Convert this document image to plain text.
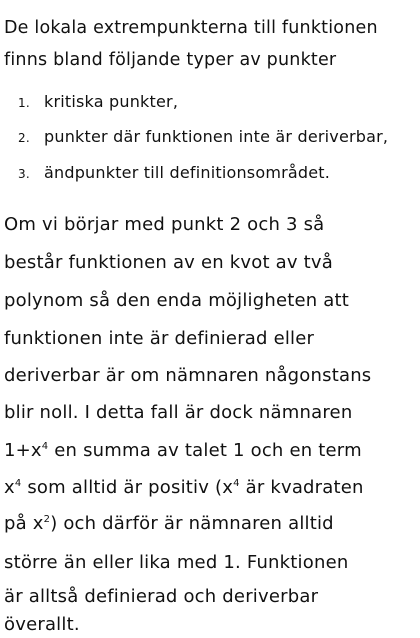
De lokala extrempunkterna till funktionen
finns bland följande typer av punkter
1. kritiska punkter,
2. punkter där funktionen inte är deriverbar,
3. ändpunkter till definitionsområdet.
Om vi börjar med punkt 2 och 3 så
består funktionen av en kvot av två
polynom så den enda möjligheten att
funktionen inte är definierad eller
deriverbar är om nämnaren någonstans
blir noll. I detta fall är dock nämnaren
$1+x^4$ en summa av talet 1 och en term
$x^4$ som alltid är positiv ($x^4$ är kvadraten
på $x^2$) och därför är nämnaren alltid
större än eller lika med 1. Funktionen
är alltså definierad och deriverbar
överallt.
